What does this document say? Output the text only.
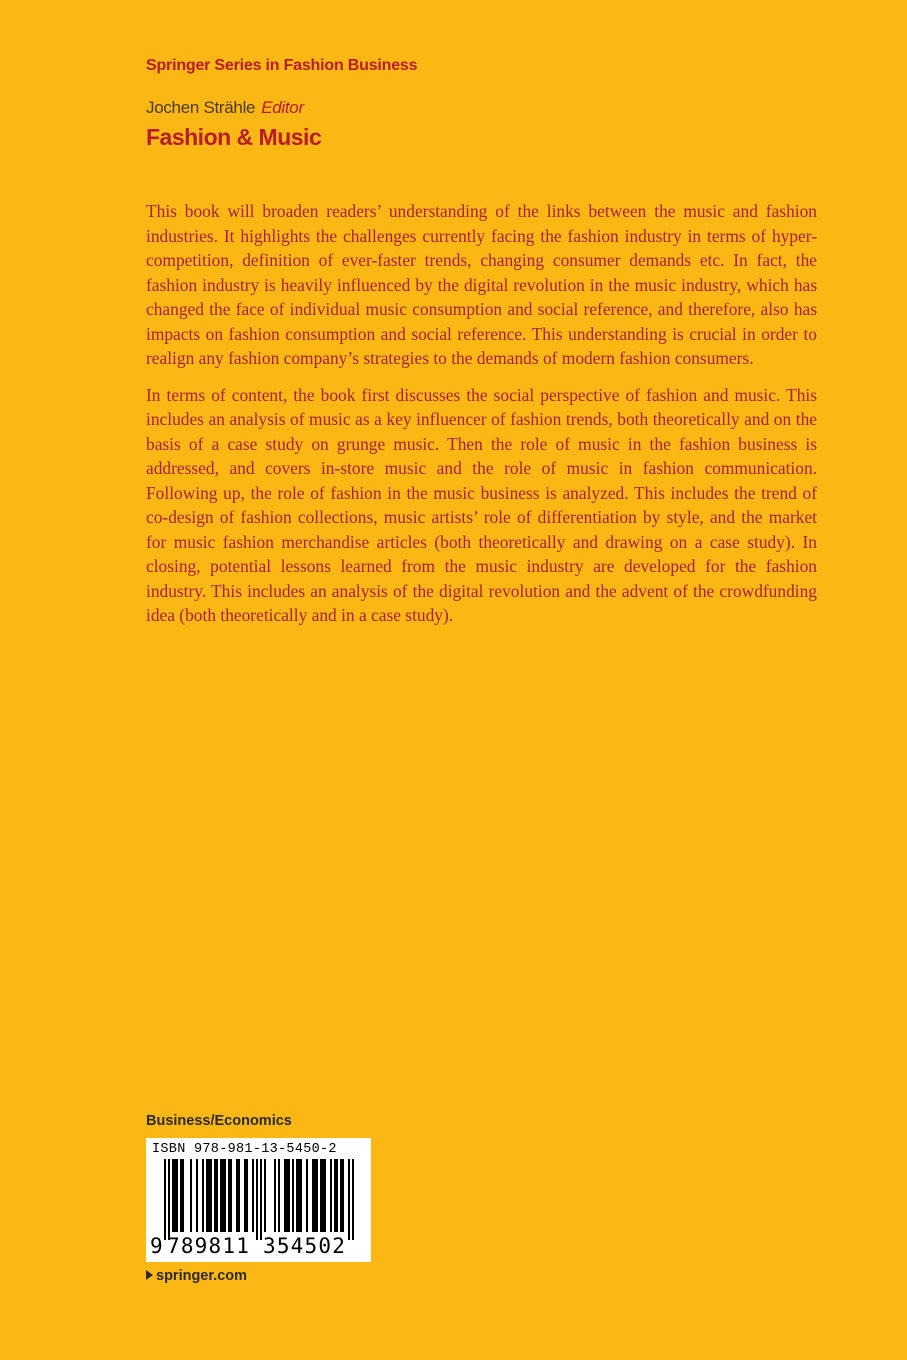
Springer Series in Fashion Business
Jochen Strähle Editor
Fashion & Music

This book will broaden readers’ understanding of the links between the music and fashion industries. It highlights the challenges currently facing the fashion industry in terms of hyper-competition, definition of ever-faster trends, changing consumer demands etc. In fact, the fashion industry is heavily influenced by the digital revolution in the music industry, which has changed the face of individual music consumption and social reference, and therefore, also has impacts on fashion consumption and social reference. This understanding is crucial in order to realign any fashion company’s strategies to the demands of modern fashion consumers.

In terms of content, the book first discusses the social perspective of fashion and music. This includes an analysis of music as a key influencer of fashion trends, both theoretically and on the basis of a case study on grunge music. Then the role of music in the fashion business is addressed, and covers in-store music and the role of music in fashion communication. Following up, the role of fashion in the music business is analyzed. This includes the trend of co-design of fashion collections, music artists’ role of differentiation by style, and the market for music fashion merchandise articles (both theoretically and drawing on a case study). In closing, potential lessons learned from the music industry are developed for the fashion industry. This includes an analysis of the digital revolution and the advent of the crowdfunding idea (both theoretically and in a case study).

Business/Economics
ISBN 978-981-13-5450-2
9 789811 354502
springer.com
